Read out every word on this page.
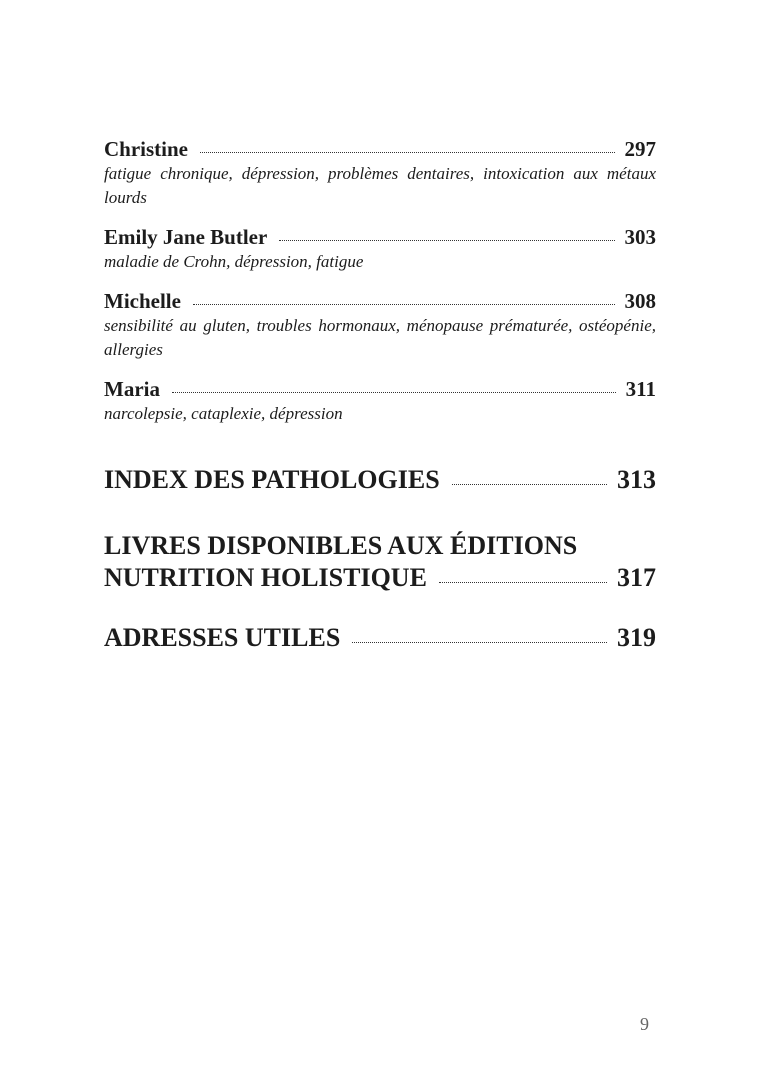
Christine	297
fatigue chronique, dépression, problèmes dentaires, intoxication aux métaux lourds
Emily Jane Butler	303
maladie de Crohn, dépression, fatigue
Michelle	308
sensibilité au gluten, troubles hormonaux, ménopause prématurée, ostéopénie, allergies
Maria	311
narcolepsie, cataplexie, dépression
INDEX DES PATHOLOGIES	313
LIVRES DISPONIBLES AUX ÉDITIONS
NUTRITION HOLISTIQUE	317
ADRESSES UTILES	319
9
